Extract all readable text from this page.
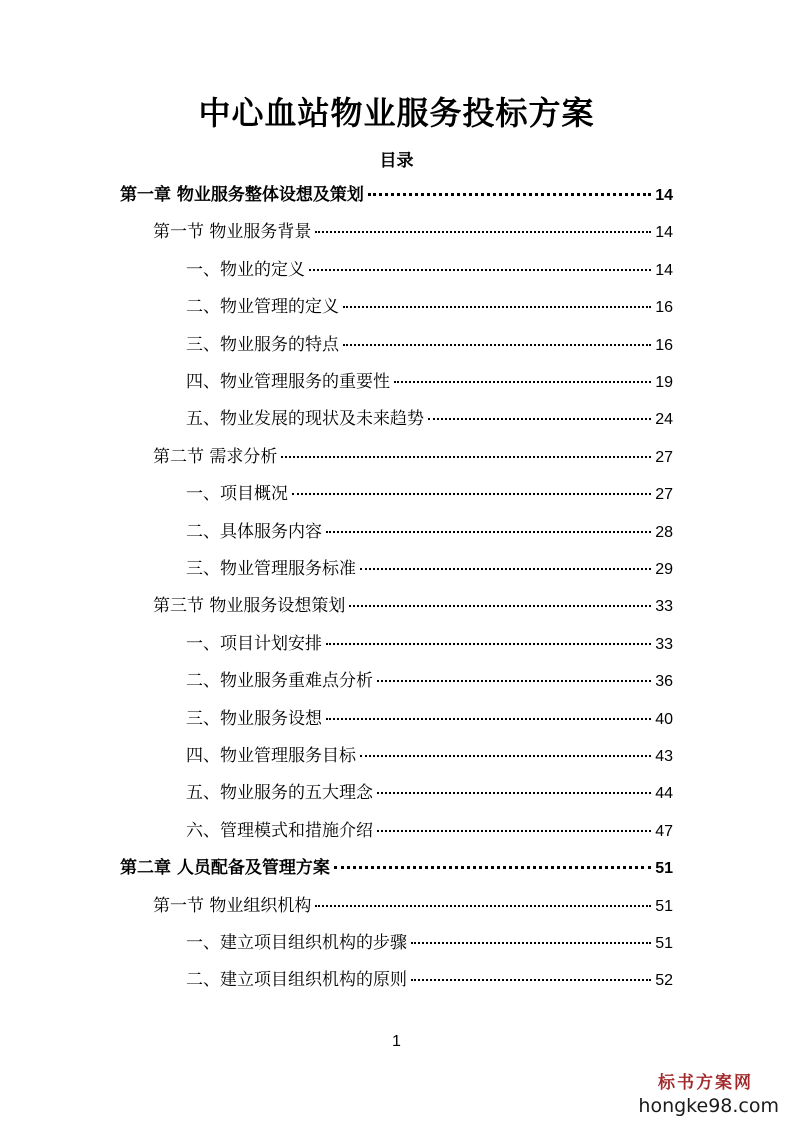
中心血站物业服务投标方案
目录
第一章 物业服务整体设想及策划	14
第一节 物业服务背景	14
一、物业的定义	14
二、物业管理的定义	16
三、物业服务的特点	16
四、物业管理服务的重要性	19
五、物业发展的现状及未来趋势	24
第二节 需求分析	27
一、项目概况	27
二、具体服务内容	28
三、物业管理服务标准	29
第三节 物业服务设想策划	33
一、项目计划安排	33
二、物业服务重难点分析	36
三、物业服务设想	40
四、物业管理服务目标	43
五、物业服务的五大理念	44
六、管理模式和措施介绍	47
第二章 人员配备及管理方案	51
第一节 物业组织机构	51
一、建立项目组织机构的步骤	51
二、建立项目组织机构的原则	52
1
标书方案网
hongke98.com
